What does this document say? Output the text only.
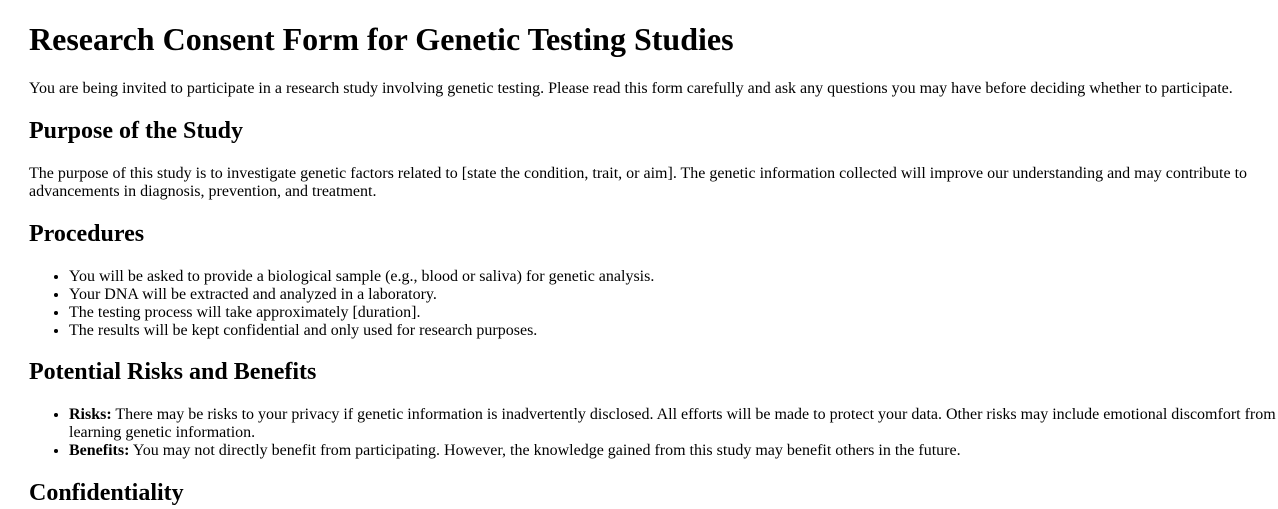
Research Consent Form for Genetic Testing Studies

You are being invited to participate in a research study involving genetic testing. Please read this form carefully and ask any questions you may have before deciding whether to participate.

Purpose of the Study

The purpose of this study is to investigate genetic factors related to [state the condition, trait, or aim]. The genetic information collected will improve our understanding and may contribute to advancements in diagnosis, prevention, and treatment.

Procedures
• You will be asked to provide a biological sample (e.g., blood or saliva) for genetic analysis.
• Your DNA will be extracted and analyzed in a laboratory.
• The testing process will take approximately [duration].
• The results will be kept confidential and only used for research purposes.
Potential Risks and Benefits
• Risks: There may be risks to your privacy if genetic information is inadvertently disclosed. All efforts will be made to protect your data. Other risks may include emotional discomfort from learning genetic information.
• Benefits: You may not directly benefit from participating. However, the knowledge gained from this study may benefit others in the future.
Confidentiality
